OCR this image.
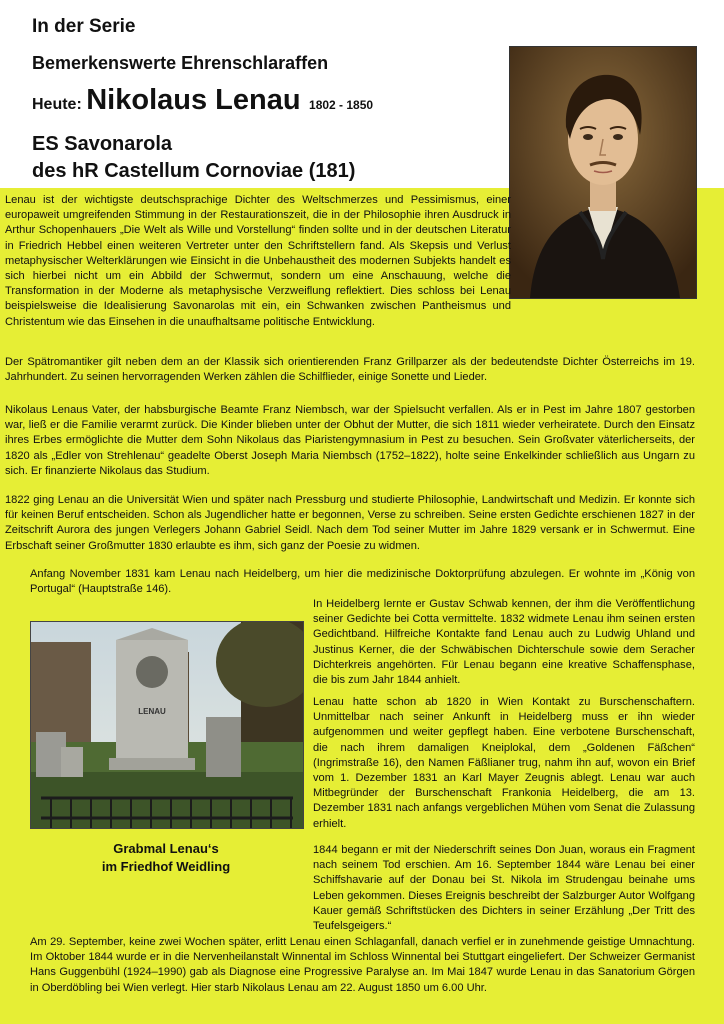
In der Serie
Bemerkenswerte Ehrenschlaraffen
Heute: Nikolaus Lenau 1802 - 1850
ES Savonarola
des hR Castellum Cornoviae (181)

Lenau ist der wichtigste deutschsprachige Dichter des Weltschmerzes und Pessimismus, einer europaweit umgreifenden Stimmung in der Restaurationszeit, die in der Philosophie ihren Ausdruck in Arthur Schopenhauers „Die Welt als Wille und Vorstellung“ finden sollte und in der deutschen Literatur in Friedrich Hebbel einen weiteren Vertreter unter den Schriftstellern fand. Als Skepsis und Verlust metaphysischer Welterklärungen wie Einsicht in die Unbehaustheit des modernen Subjekts handelt es sich hierbei nicht um ein Abbild der Schwermut, sondern um eine Anschauung, welche die Transformation in der Moderne als metaphysische Verzweiflung reflektiert. Dies schloss bei Lenau beispielsweise die Idealisierung Savonarolas mit ein, ein Schwanken zwischen Pantheismus und Christentum wie das Einsehen in die unaufhaltsame politische Entwicklung.

Der Spätromantiker gilt neben dem an der Klassik sich orientierenden Franz Grillparzer als der bedeutendste Dichter Österreichs im 19. Jahrhundert. Zu seinen hervorragenden Werken zählen die Schilflieder, einige Sonette und Lieder.

Nikolaus Lenaus Vater, der habsburgische Beamte Franz Niembsch, war der Spielsucht verfallen. Als er in Pest im Jahre 1807 gestorben war, ließ er die Familie verarmt zurück. Die Kinder blieben unter der Obhut der Mutter, die sich 1811 wieder verheiratete. Durch den Einsatz ihres Erbes ermöglichte die Mutter dem Sohn Nikolaus das Piaristengymnasium in Pest zu besuchen. Sein Großvater väterlicherseits, der 1820 als „Edler von Strehlenau“ geadelte Oberst Joseph Maria Niembsch (1752–1822), holte seine Enkelkinder schließlich aus Ungarn zu sich. Er finanzierte Nikolaus das Studium.

1822 ging Lenau an die Universität Wien und später nach Pressburg und studierte Philosophie, Landwirtschaft und Medizin. Er konnte sich für keinen Beruf entscheiden. Schon als Jugendlicher hatte er begonnen, Verse zu schreiben. Seine ersten Gedichte erschienen 1827 in der Zeitschrift Aurora des jungen Verlegers Johann Gabriel Seidl. Nach dem Tod seiner Mutter im Jahre 1829 versank er in Schwermut. Eine Erbschaft seiner Großmutter 1830 erlaubte es ihm, sich ganz der Poesie zu widmen.

Anfang November 1831 kam Lenau nach Heidelberg, um hier die medizinische Doktorprüfung abzulegen. Er wohnte im „König von Portugal“ (Hauptstraße 146).

In Heidelberg lernte er Gustav Schwab kennen, der ihm die Veröffentlichung seiner Gedichte bei Cotta vermittelte. 1832 widmete Lenau ihm seinen ersten Gedichtband. Hilfreiche Kontakte fand Lenau auch zu Ludwig Uhland und Justinus Kerner, die der Schwäbischen Dichterschule sowie dem Seracher Dichterkreis angehörten. Für Lenau begann eine kreative Schaffensphase, die bis zum Jahr 1844 anhielt.

Lenau hatte schon ab 1820 in Wien Kontakt zu Burschenschaftern. Unmittelbar nach seiner Ankunft in Heidelberg muss er ihn wieder aufgenommen und weiter gepflegt haben. Eine verbotene Burschenschaft, die nach ihrem damaligen Kneiplokal, dem „Goldenen Fäßchen“ (Ingrimstraße 16), den Namen Fäßlianer trug, nahm ihn auf, wovon ein Brief vom 1. Dezember 1831 an Karl Mayer Zeugnis ablegt. Lenau war auch Mitbegründer der Burschenschaft Frankonia Heidelberg, die am 13. Dezember 1831 nach anfangs vergeblichen Mühen vom Senat die Zulassung erhielt.

1844 begann er mit der Niederschrift seines Don Juan, woraus ein Fragment nach seinem Tod erschien. Am 16. September 1844 wäre Lenau bei einer Schiffshavarie auf der Donau bei St. Nikola im Strudengau beinahe ums Leben gekommen. Dieses Ereignis beschreibt der Salzburger Autor Wolfgang Kauer gemäß Schriftstücken des Dichters in seiner Erzählung „Der Tritt des Teufelsgeigers.“

Am 29. September, keine zwei Wochen später, erlitt Lenau einen Schlaganfall, danach verfiel er in zunehmende geistige Umnachtung. Im Oktober 1844 wurde er in die Nervenheilanstalt Winnental im Schloss Winnental bei Stuttgart eingeliefert. Der Schweizer Germanist Hans Guggenbühl (1924–1990) gab als Diagnose eine Progressive Paralyse an. Im Mai 1847 wurde Lenau in das Sanatorium Görgen in Oberdöbling bei Wien verlegt. Hier starb Nikolaus Lenau am 22. August 1850 um 6.00 Uhr.

LENAU
Grabmal Lenau‘s
im Friedhof Weidling
